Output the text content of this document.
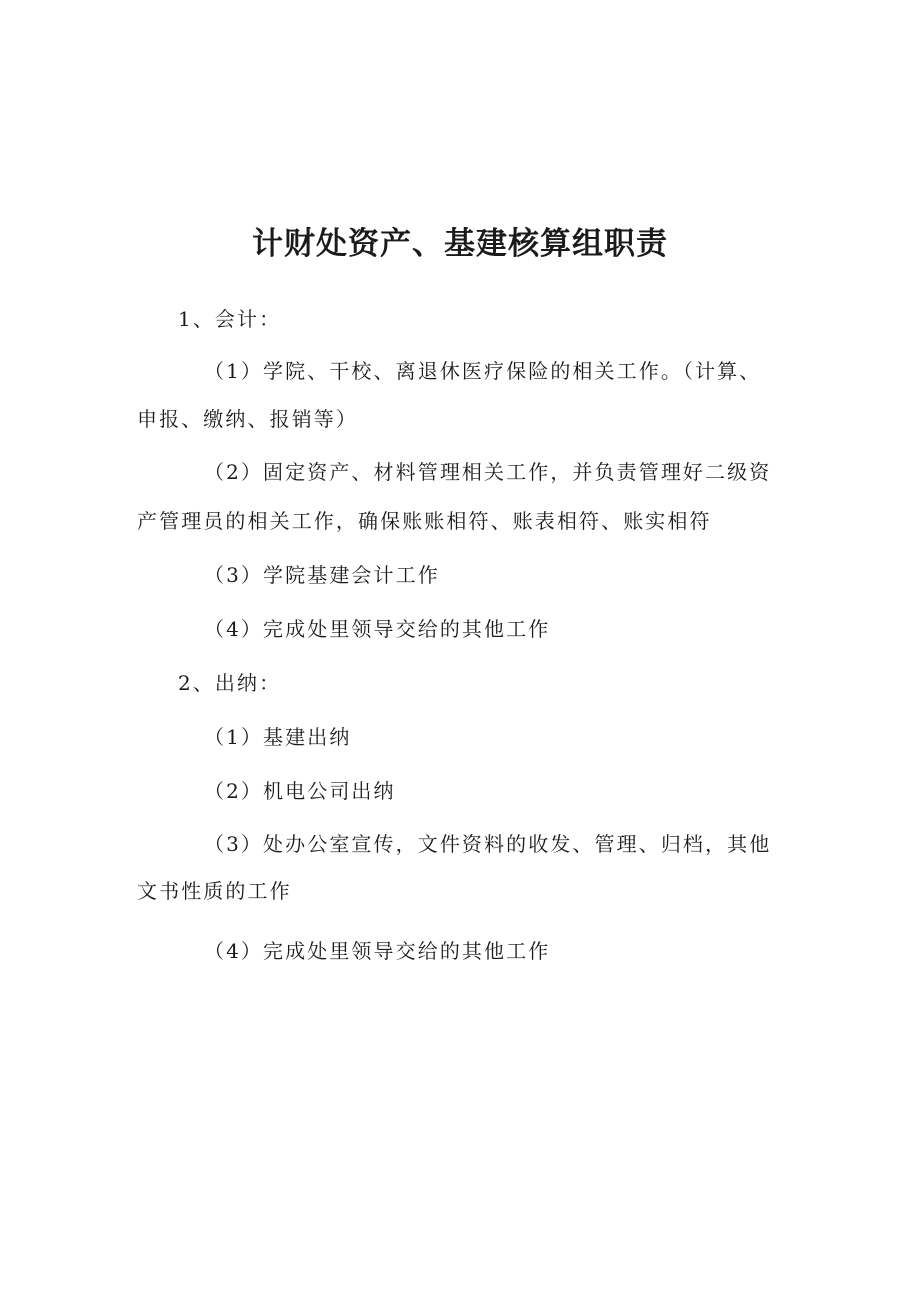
计财处资产、基建核算组职责

1、会计：

（1）学院、干校、离退休医疗保险的相关工作。（计算、

申报、缴纳、报销等）

（2）固定资产、材料管理相关工作，并负责管理好二级资

产管理员的相关工作，确保账账相符、账表相符、账实相符

（3）学院基建会计工作

（4）完成处里领导交给的其他工作

2、出纳：

（1）基建出纳

（2）机电公司出纳

（3）处办公室宣传，文件资料的收发、管理、归档，其他

文书性质的工作

（4）完成处里领导交给的其他工作
